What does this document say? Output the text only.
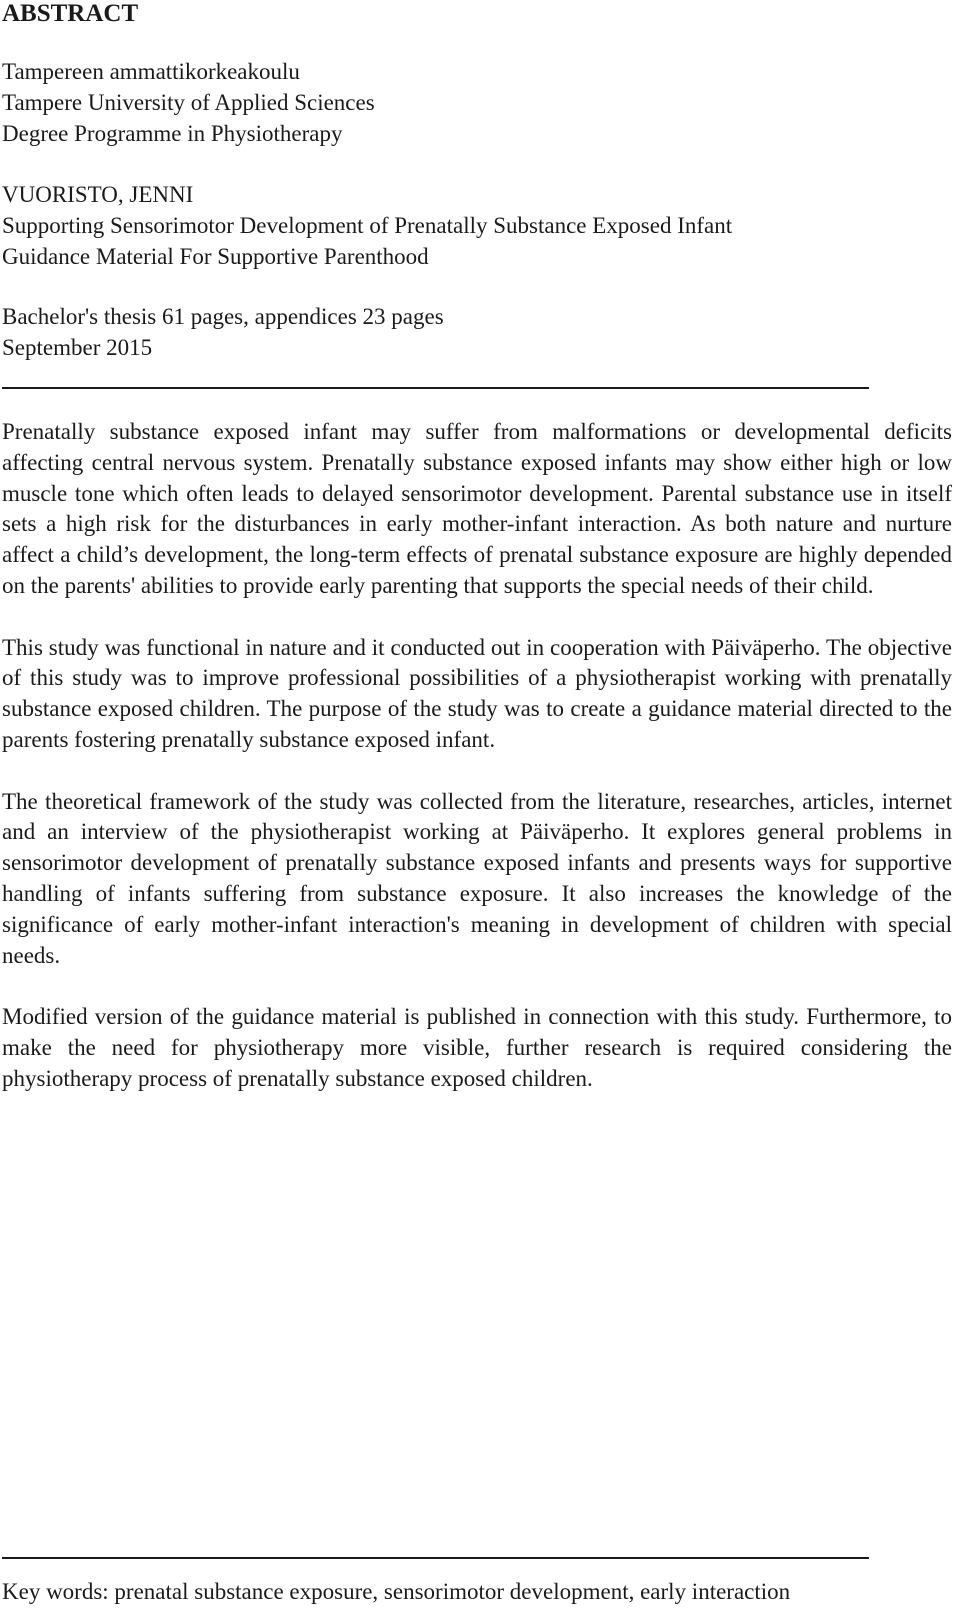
ABSTRACT
Tampereen ammattikorkeakoulu
Tampere University of Applied Sciences
Degree Programme in Physiotherapy
VUORISTO, JENNI
Supporting Sensorimotor Development of Prenatally Substance Exposed Infant
Guidance Material For Supportive Parenthood
Bachelor's thesis 61 pages, appendices 23 pages
September 2015

Prenatally substance exposed infant may suffer from malformations or developmental deficits affecting central nervous system. Prenatally substance exposed infants may show either high or low muscle tone which often leads to delayed sensorimotor development. Parental substance use in itself sets a high risk for the disturbances in early mother-infant interaction. As both nature and nurture affect a child’s development, the long-term effects of prenatal substance exposure are highly depended on the parents' abilities to provide early parenting that supports the special needs of their child.

This study was functional in nature and it conducted out in cooperation with Päiväperho. The objective of this study was to improve professional possibilities of a physiotherapist working with prenatally substance exposed children. The purpose of the study was to create a guidance material directed to the parents fostering prenatally substance exposed infant.

The theoretical framework of the study was collected from the literature, researches, articles, internet and an interview of the physiotherapist working at Päiväperho. It explores general problems in sensorimotor development of prenatally substance exposed infants and presents ways for supportive handling of infants suffering from substance exposure. It also increases the knowledge of the significance of early mother-infant interaction's meaning in development of children with special needs.

Modified version of the guidance material is published in connection with this study. Furthermore, to make the need for physiotherapy more visible, further research is required considering the physiotherapy process of prenatally substance exposed children.

Key words: prenatal substance exposure, sensorimotor development, early interaction
